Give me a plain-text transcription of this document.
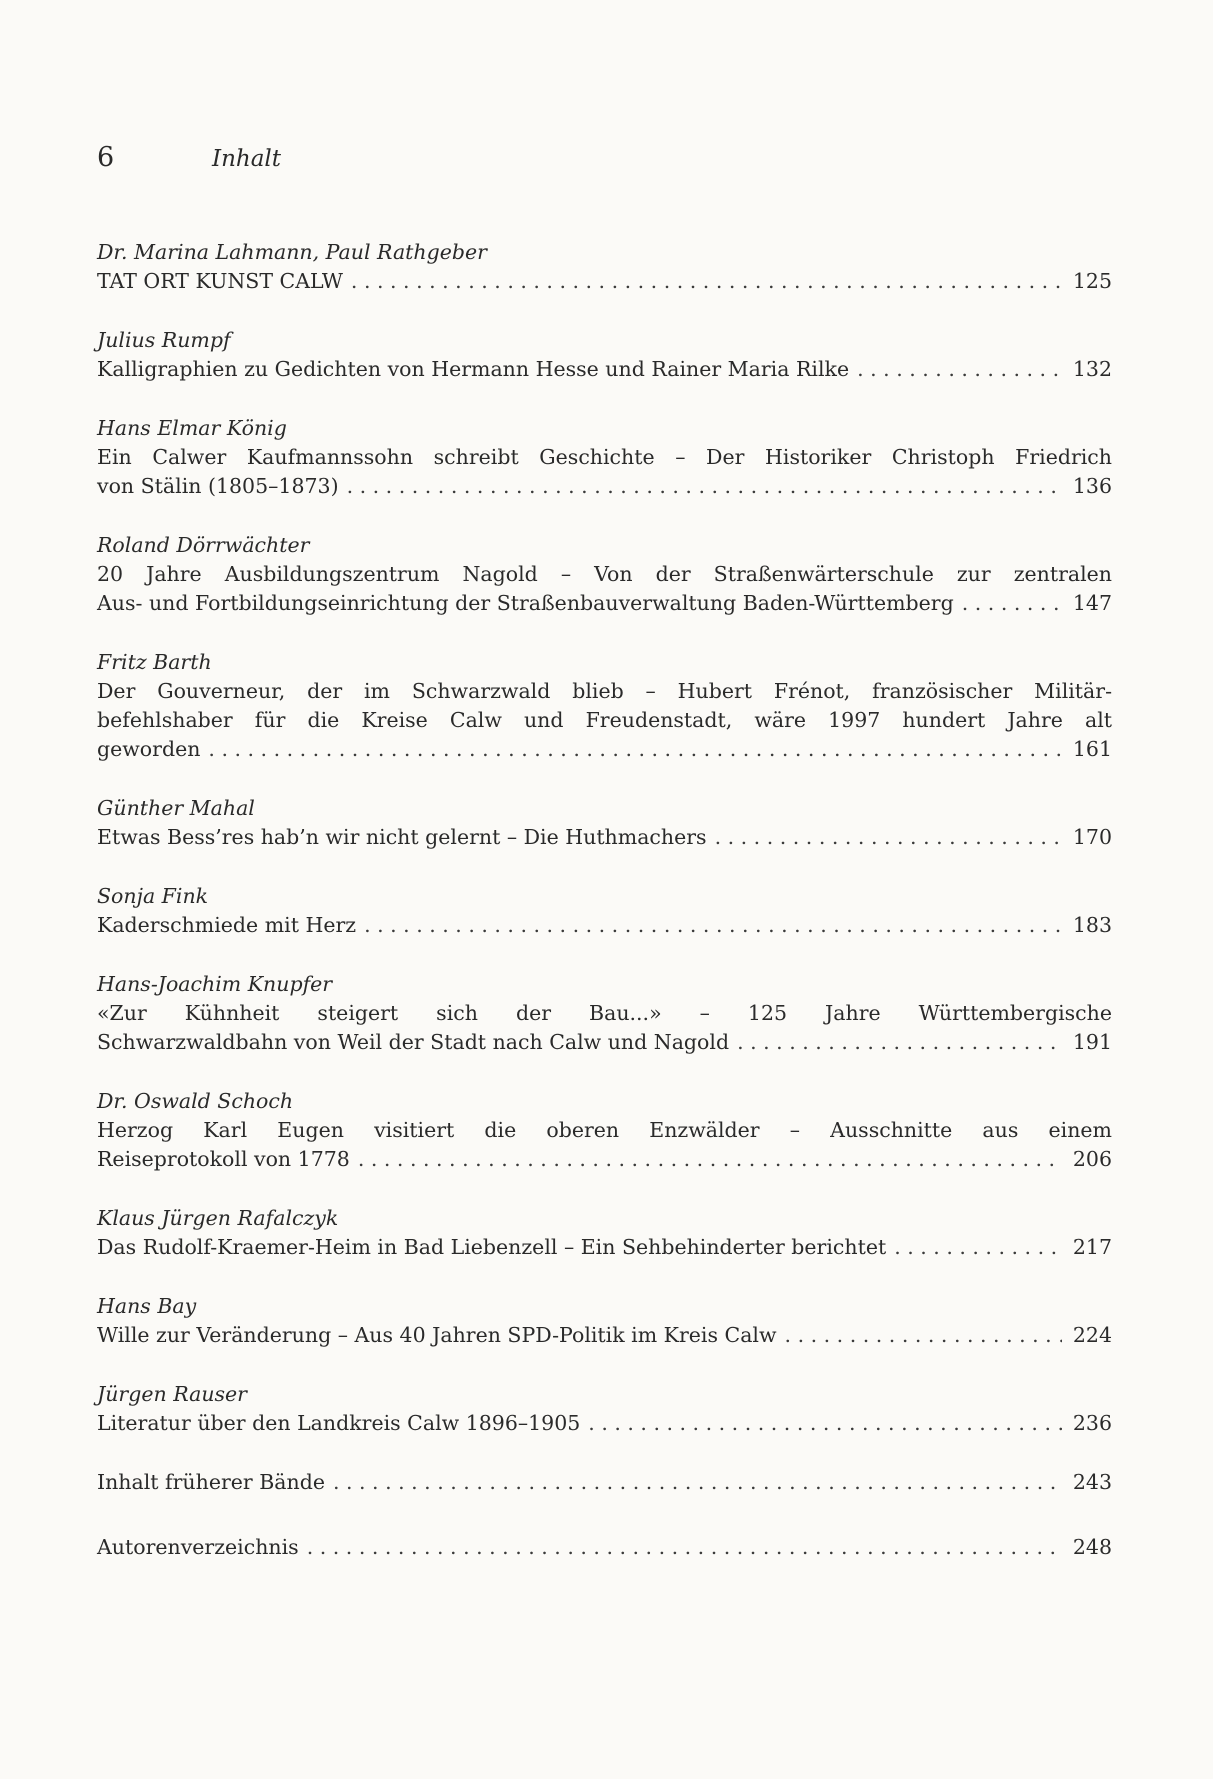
6	Inhalt
Dr. Marina Lahmann, Paul Rathgeber
TAT ORT KUNST CALW . . .	125
Julius Rumpf
Kalligraphien zu Gedichten von Hermann Hesse und Rainer Maria Rilke . . .	132
Hans Elmar König
Ein Calwer Kaufmannssohn schreibt Geschichte – Der Historiker Christoph Friedrich
von Stälin (1805–1873) . . .	136
Roland Dörrwächter
20 Jahre Ausbildungszentrum Nagold – Von der Straßenwärterschule zur zentralen
Aus- und Fortbildungseinrichtung der Straßenbauverwaltung Baden-Württemberg . . .	147
Fritz Barth
Der Gouverneur, der im Schwarzwald blieb – Hubert Frénot, französischer Militär-
befehlshaber für die Kreise Calw und Freudenstadt, wäre 1997 hundert Jahre alt
geworden . . .	161
Günther Mahal
Etwas Bess’res hab’n wir nicht gelernt – Die Huthmachers . . .	170
Sonja Fink
Kaderschmiede mit Herz . . .	183
Hans-Joachim Knupfer
«Zur Kühnheit steigert sich der Bau...» – 125 Jahre Württembergische
Schwarzwaldbahn von Weil der Stadt nach Calw und Nagold . . .	191
Dr. Oswald Schoch
Herzog Karl Eugen visitiert die oberen Enzwälder – Ausschnitte aus einem
Reiseprotokoll von 1778 . . .	206
Klaus Jürgen Rafalczyk
Das Rudolf-Kraemer-Heim in Bad Liebenzell – Ein Sehbehinderter berichtet . . .	217
Hans Bay
Wille zur Veränderung – Aus 40 Jahren SPD-Politik im Kreis Calw . . .	224
Jürgen Rauser
Literatur über den Landkreis Calw 1896–1905 . . .	236
Inhalt früherer Bände . . .	243
Autorenverzeichnis . . .	248
